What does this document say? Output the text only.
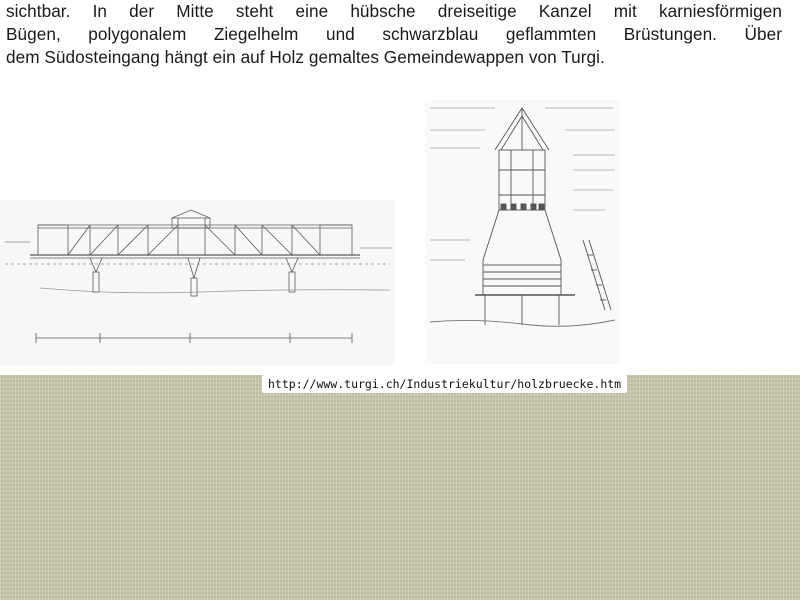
sichtbar. In der Mitte steht eine hübsche dreiseitige Kanzel mit karniesförmigen
Bügen, polygonalem Ziegelhelm und schwarzblau geflammten Brüstungen. Über
dem Südosteingang hängt ein auf Holz gemaltes Gemeindewappen von Turgi.
http://www.turgi.ch/Industriekultur/holzbruecke.htm
